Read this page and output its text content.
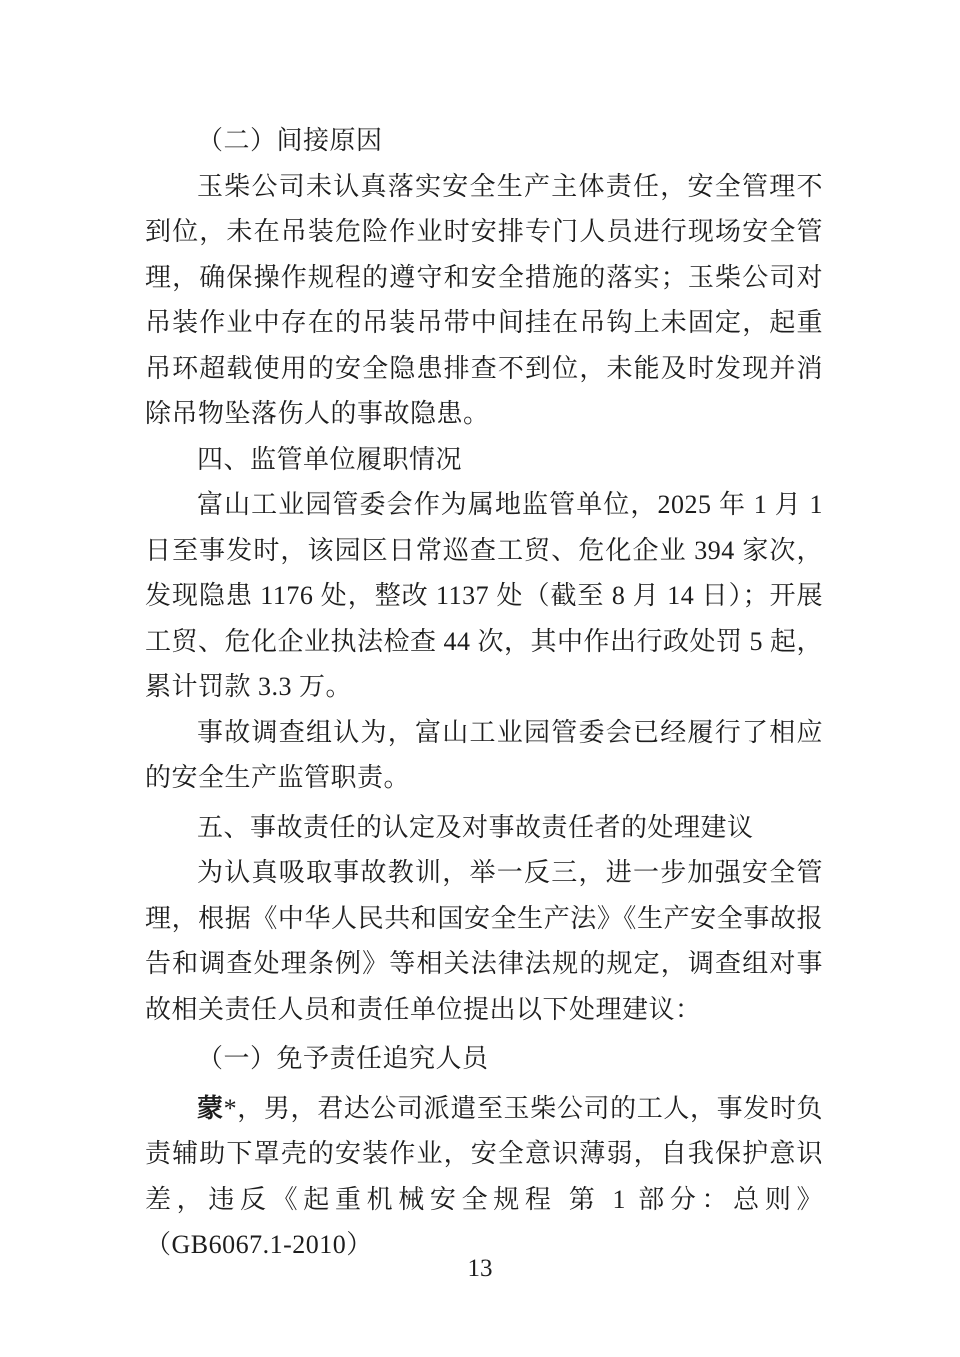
（二）间接原因

玉柴公司未认真落实安全生产主体责任，安全管理不到位，未在吊装危险作业时安排专门人员进行现场安全管理，确保操作规程的遵守和安全措施的落实；玉柴公司对吊装作业中存在的吊装吊带中间挂在吊钩上未固定，起重吊环超载使用的安全隐患排查不到位，未能及时发现并消除吊物坠落伤人的事故隐患。

四、监管单位履职情况

富山工业园管委会作为属地监管单位，2025 年 1 月 1 日至事发时，该园区日常巡查工贸、危化企业 394 家次，发现隐患 1176 处，整改 1137 处（截至 8 月 14 日）；开展工贸、危化企业执法检查 44 次，其中作出行政处罚 5 起，累计罚款 3.3 万。

事故调查组认为，富山工业园管委会已经履行了相应的安全生产监管职责。

五、事故责任的认定及对事故责任者的处理建议

为认真吸取事故教训，举一反三，进一步加强安全管理，根据《中华人民共和国安全生产法》《生产安全事故报告和调查处理条例》等相关法律法规的规定，调查组对事故相关责任人员和责任单位提出以下处理建议：

（一）免予责任追究人员

蒙*，男，君达公司派遣至玉柴公司的工人，事发时负责辅助下罩壳的安装作业，安全意识薄弱，自我保护意识差，违反《起重机械安全规程 第 1 部分：总则》（GB6067.1-2010）

13
